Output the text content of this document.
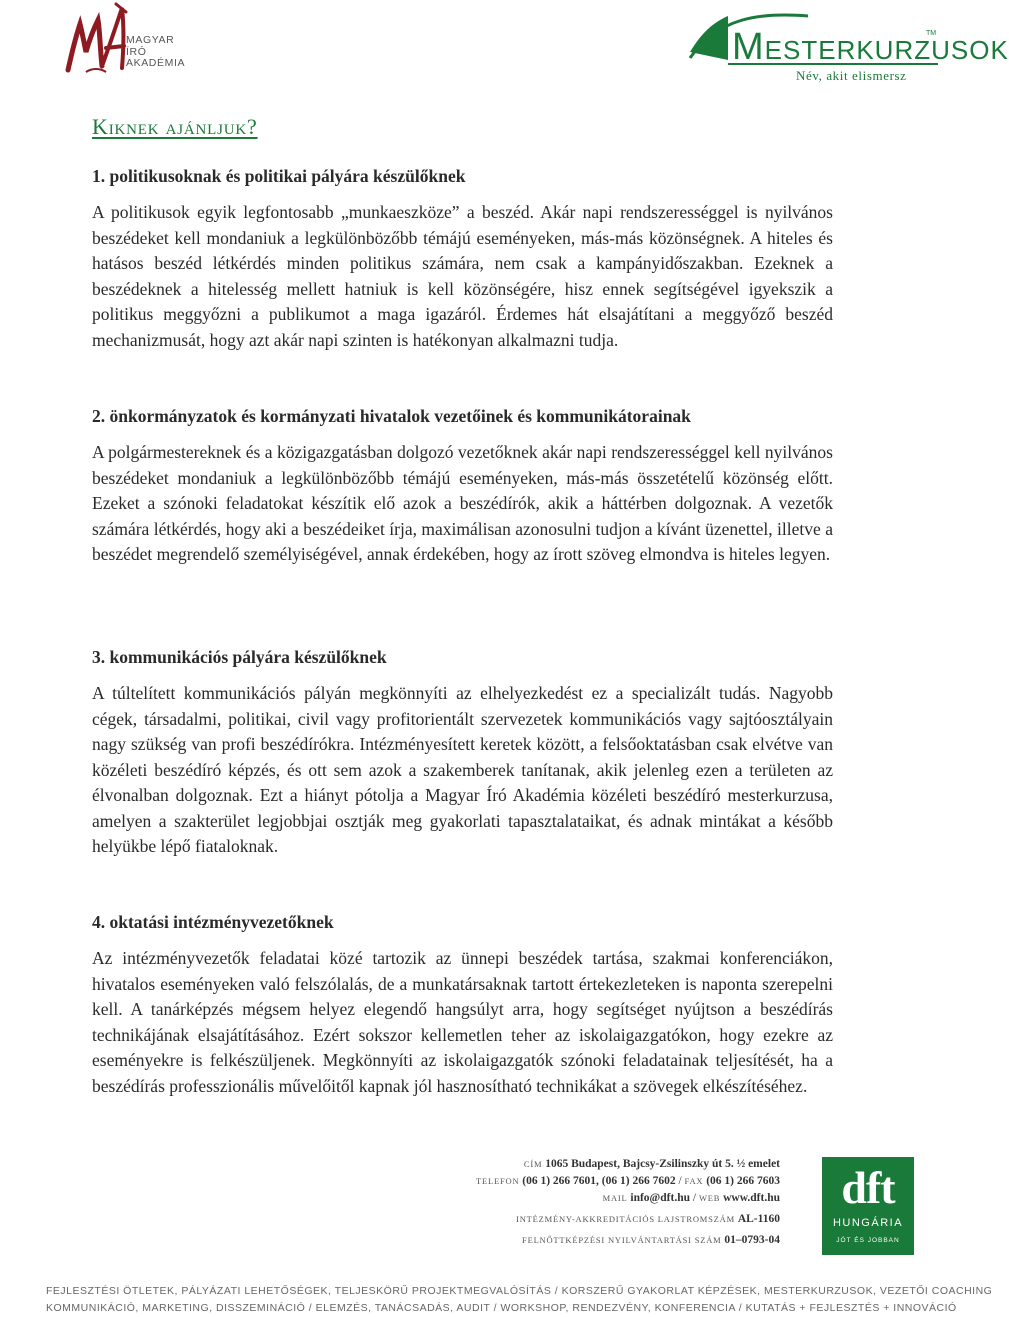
MAGYAR
ÍRÓ
AKADÉMIA	MESTERKURZUSOK
TM
Név, akit elismersz
Kiknek ajánljuk?
1. politikusoknak és politikai pályára készülőknek

A politikusok egyik legfontosabb „munkaeszköze” a beszéd. Akár napi rendszerességgel is nyilvános beszédeket kell mondaniuk a legkülönbözőbb témájú eseményeken, más-más közönségnek. A hiteles és hatásos beszéd létkérdés minden politikus számára, nem csak a kampányidőszakban. Ezeknek a beszédeknek a hitelesség mellett hatniuk is kell közönségére, hisz ennek segítségével igyekszik a politikus meggyőzni a publikumot a maga igazáról. Érdemes hát elsajátítani a meggyőző beszéd mechanizmusát, hogy azt akár napi szinten is hatékonyan alkalmazni tudja.

2. önkormányzatok és kormányzati hivatalok vezetőinek és kommunikátorainak

A polgármestereknek és a közigazgatásban dolgozó vezetőknek akár napi rendszerességgel kell nyilvános beszédeket mondaniuk a legkülönbözőbb témájú eseményeken, más-más összetételű közönség előtt. Ezeket a szónoki feladatokat készítik elő azok a beszédírók, akik a háttérben dolgoznak. A vezetők számára létkérdés, hogy aki a beszédeiket írja, maximálisan azonosulni tudjon a kívánt üzenettel, illetve a beszédet megrendelő személyiségével, annak érdekében, hogy az írott szöveg elmondva is hiteles legyen.

3. kommunikációs pályára készülőknek

A túltelített kommunikációs pályán megkönnyíti az elhelyezkedést ez a specializált tudás. Nagyobb cégek, társadalmi, politikai, civil vagy profitorientált szervezetek kommunikációs vagy sajtóosztályain nagy szükség van profi beszédírókra. Intézményesített keretek között, a felsőoktatásban csak elvétve van közéleti beszédíró képzés, és ott sem azok a szakemberek tanítanak, akik jelenleg ezen a területen az élvonalban dolgoznak. Ezt a hiányt pótolja a Magyar Író Akadémia közéleti beszédíró mesterkurzusa, amelyen a szakterület legjobbjai osztják meg gyakorlati tapasztalataikat, és adnak mintákat a később helyükbe lépő fiataloknak.

4. oktatási intézményvezetőknek

Az intézményvezetők feladatai közé tartozik az ünnepi beszédek tartása, szakmai konferenciákon, hivatalos eseményeken való felszólalás, de a munkatársaknak tartott értekezleteken is naponta szerepelni kell. A tanárképzés mégsem helyez elegendő hangsúlyt arra, hogy segítséget nyújtson a beszédírás technikájának elsajátításához. Ezért sokszor kellemetlen teher az iskolaigazgatókon, hogy ezekre az eseményekre is felkészüljenek. Megkönnyíti az iskolaigazgatók szónoki feladatainak teljesítését, ha a beszédírás professzionális művelőitől kapnak jól hasznosítható technikákat a szövegek elkészítéséhez.

CÍM 1065 Budapest, Bajcsy-Zsilinszky út 5. ½ emelet
TELEFON (06 1) 266 7601, (06 1) 266 7602 / FAX (06 1) 266 7603
MAIL info@dft.hu / WEB www.dft.hu
INTÉZMÉNY-AKKREDITÁCIÓS LAJSTROMSZÁM AL-1160
FELNŐTTKÉPZÉSI NYILVÁNTARTÁSI SZÁM 01–0793-04
dft
HUNGÁRIA
JÓT ÉS JOBBAN
FEJLESZTÉSI ÖTLETEK, PÁLYÁZATI LEHETŐSÉGEK, TELJESKÖRŰ PROJEKTMEGVALÓSÍTÁS / KORSZERŰ GYAKORLAT KÉPZÉSEK, MESTERKURZUSOK, VEZETŐI COACHING
KOMMUNIKÁCIÓ, MARKETING, DISSZEMINÁCIÓ / ELEMZÉS, TANÁCSADÁS, AUDIT / WORKSHOP, RENDEZVÉNY, KONFERENCIA / KUTATÁS + FEJLESZTÉS + INNOVÁCIÓ
